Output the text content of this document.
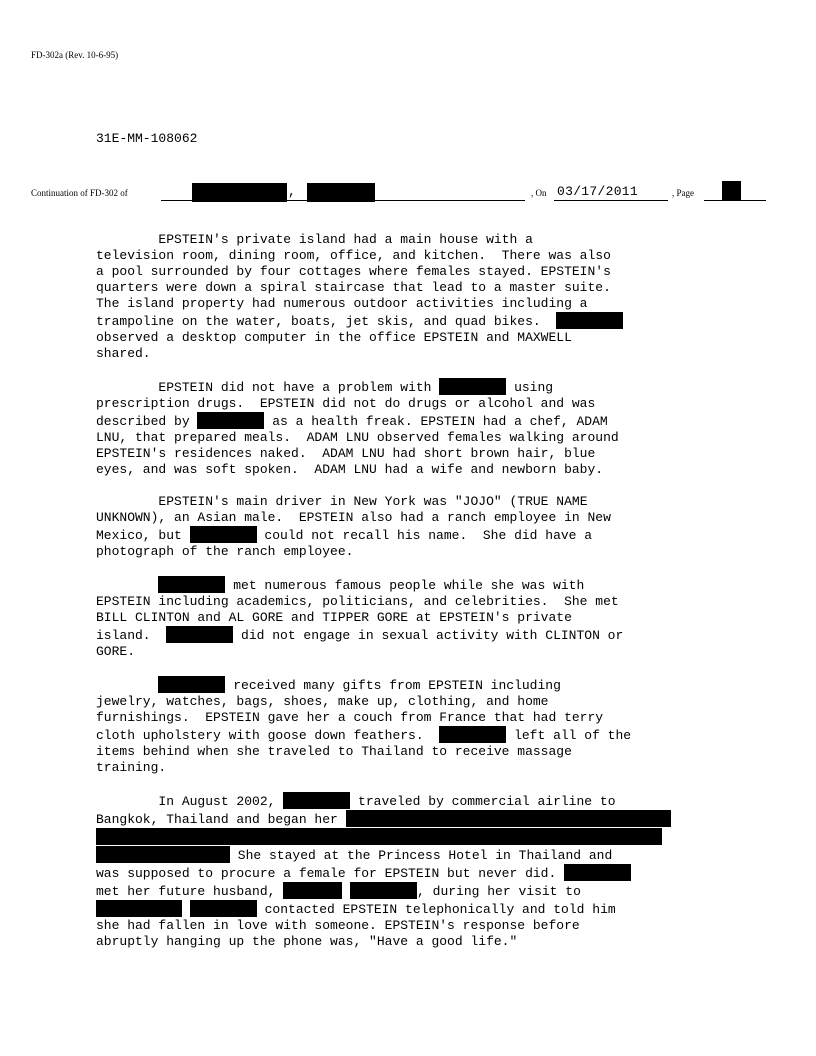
FD-302a (Rev. 10-6-95)
31E-MM-108062
Continuation of FD-302 of	,	, On 03/17/2011	, Page

EPSTEIN's private island had a main house with a
television room, dining room, office, and kitchen.  There was also
a pool surrounded by four cottages where females stayed. EPSTEIN's
quarters were down a spiral staircase that lead to a master suite.
The island property had numerous outdoor activities including a
trampoline on the water, boats, jet skis, and quad bikes.
observed a desktop computer in the office EPSTEIN and MAXWELL
shared.

EPSTEIN did not have a problem with	using
prescription drugs.  EPSTEIN did not do drugs or alcohol and was
described by	as a health freak. EPSTEIN had a chef, ADAM
LNU, that prepared meals.  ADAM LNU observed females walking around
EPSTEIN's residences naked.  ADAM LNU had short brown hair, blue
eyes, and was soft spoken.  ADAM LNU had a wife and newborn baby.

EPSTEIN's main driver in New York was "JOJO" (TRUE NAME
UNKNOWN), an Asian male.  EPSTEIN also had a ranch employee in New
Mexico, but	could not recall his name.  She did have a
photograph of the ranch employee.

met numerous famous people while she was with
EPSTEIN including academics, politicians, and celebrities.  She met
BILL CLINTON and AL GORE and TIPPER GORE at EPSTEIN's private
island.	did not engage in sexual activity with CLINTON or
GORE.

received many gifts from EPSTEIN including
jewelry, watches, bags, shoes, make up, clothing, and home
furnishings.  EPSTEIN gave her a couch from France that had terry
cloth upholstery with goose down feathers.	left all of the
items behind when she traveled to Thailand to receive massage
training.

In August 2002,	traveled by commercial airline to
Bangkok, Thailand and began her
She stayed at the Princess Hotel in Thailand and
was supposed to procure a female for EPSTEIN but never did.
met her future husband,	, during her visit to
contacted EPSTEIN telephonically and told him
she had fallen in love with someone. EPSTEIN's response before
abruptly hanging up the phone was, "Have a good life."
